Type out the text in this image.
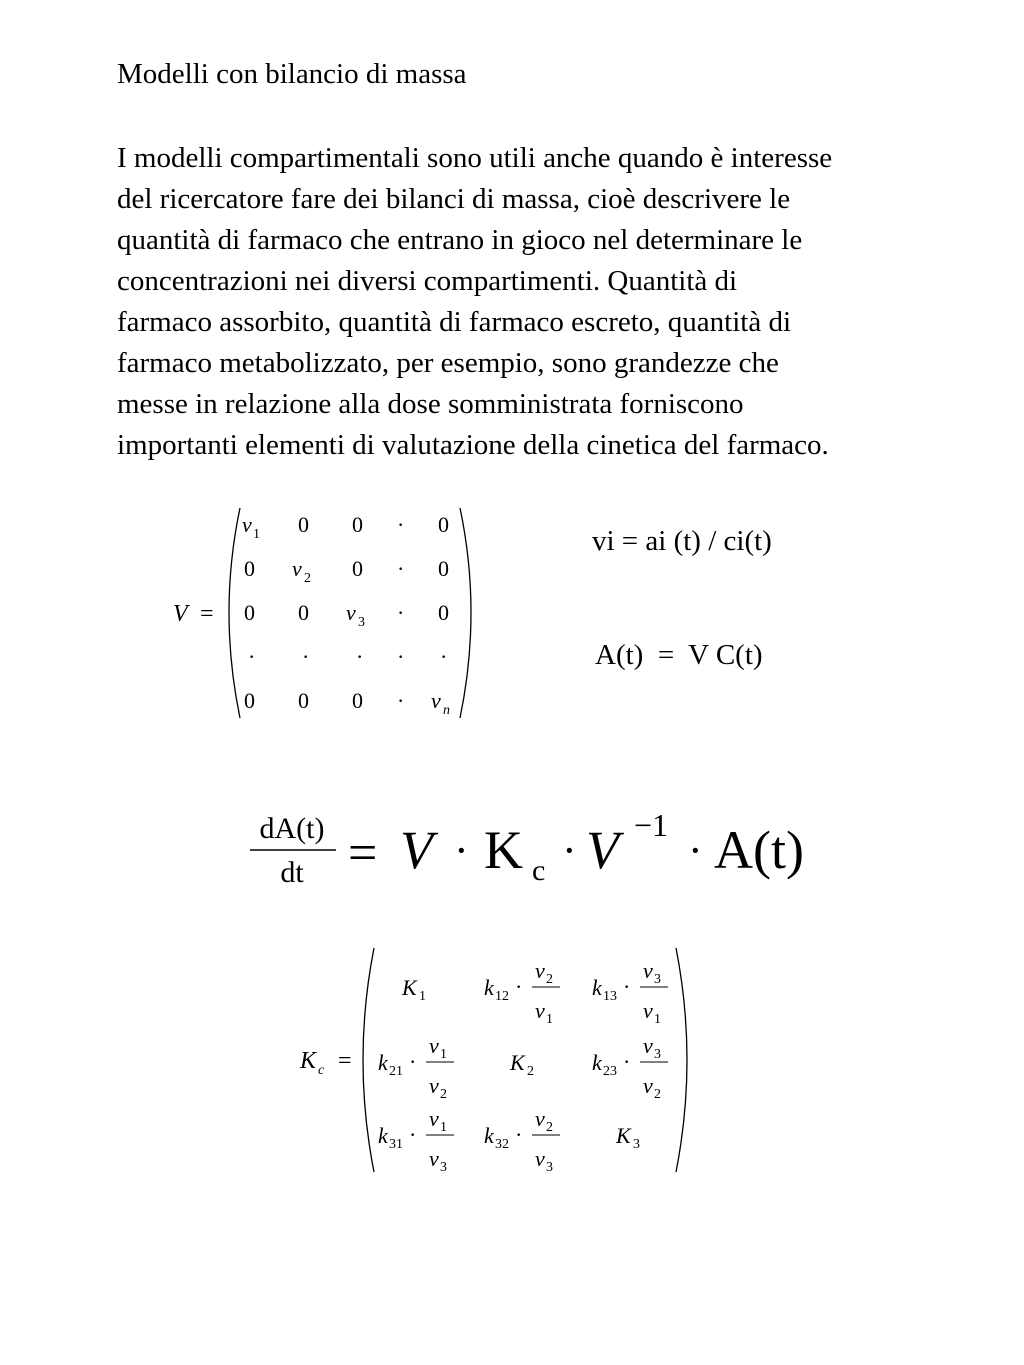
Modelli con bilancio di massa
I modelli compartimentali sono utili anche quando è interesse
del ricercatore fare dei bilanci di massa, cioè descrivere le
quantità di farmaco che entrano in gioco nel determinare le
concentrazioni nei diversi compartimenti. Quantità di
farmaco assorbito, quantità di farmaco escreto, quantità di
farmaco metabolizzato, per esempio, sono grandezze che
messe in relazione alla dose somministrata forniscono
importanti elementi di valutazione della cinetica del farmaco.
V =
v 1 0 0 · 0
0 v 2 0 · 0
0 0 v 3 · 0
· · · · ·
0 0 0 · v n
vi = ai (t) / ci(t)
A(t)  =  V C(t)
dA(t)
dt = V · K c · V −1
· A(t)
K c =
K 1	k 12 ·
v 2
v 1
k 13 ·
v 3
v 1
k 21 ·
v 1
v 2
K 2	k 23 ·
v 3
v 2
k 31 ·
v 1
v 3
k 32 ·
v 2
v 3
K 3
